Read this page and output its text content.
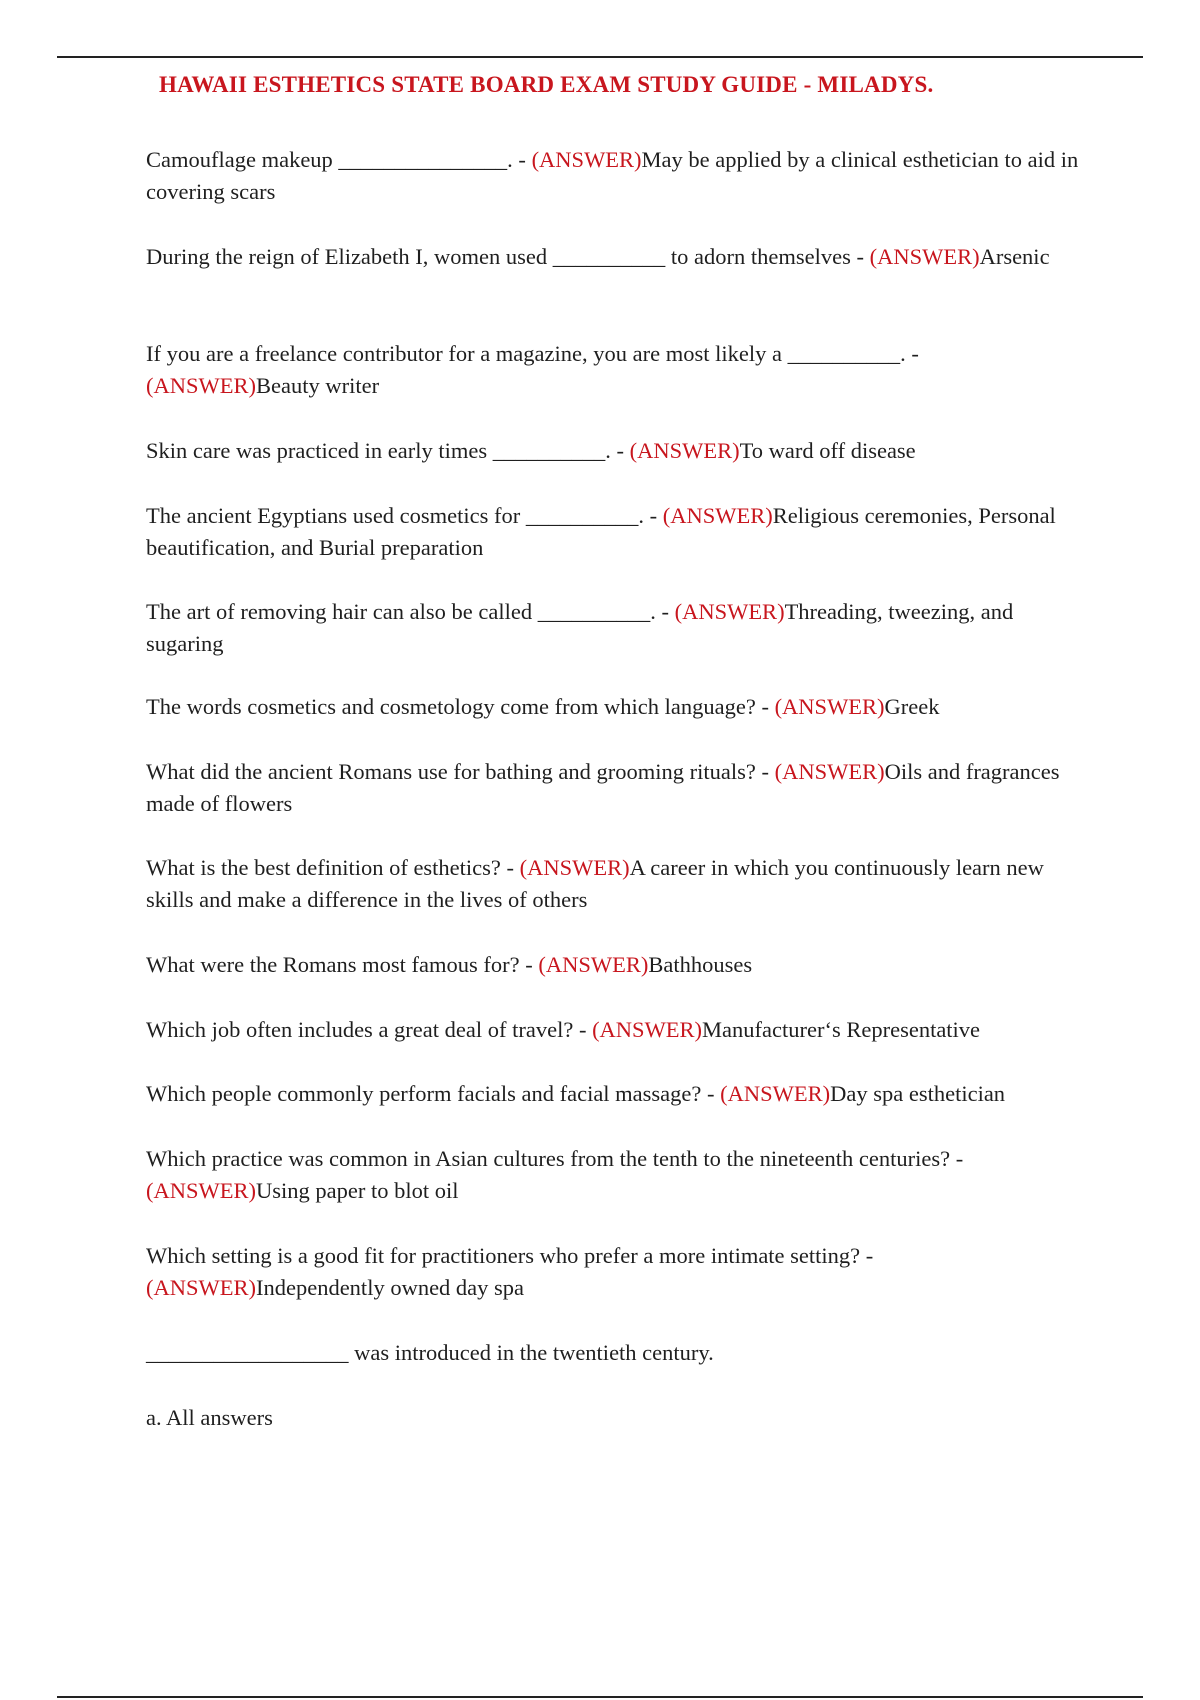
HAWAII ESTHETICS STATE BOARD EXAM STUDY GUIDE - MILADYS.

Camouflage makeup _______________. - (ANSWER)May be applied by a clinical esthetician to aid in covering scars

During the reign of Elizabeth I, women used __________ to adorn themselves - (ANSWER)Arsenic

If you are a freelance contributor for a magazine, you are most likely a __________. - (ANSWER)Beauty writer

Skin care was practiced in early times __________. - (ANSWER)To ward off disease

The ancient Egyptians used cosmetics for __________. - (ANSWER)Religious ceremonies, Personal beautification, and Burial preparation

The art of removing hair can also be called __________. - (ANSWER)Threading, tweezing, and sugaring

The words cosmetics and cosmetology come from which language? - (ANSWER)Greek

What did the ancient Romans use for bathing and grooming rituals? - (ANSWER)Oils and fragrances made of flowers

What is the best definition of esthetics? - (ANSWER)A career in which you continuously learn new skills and make a difference in the lives of others

What were the Romans most famous for? - (ANSWER)Bathhouses

Which job often includes a great deal of travel? - (ANSWER)Manufacturer‘s Representative

Which people commonly perform facials and facial massage? - (ANSWER)Day spa esthetician

Which practice was common in Asian cultures from the tenth to the nineteenth centuries? - (ANSWER)Using paper to blot oil

Which setting is a good fit for practitioners who prefer a more intimate setting? - (ANSWER)Independently owned day spa

__________________ was introduced in the twentieth century.

a. All answers
